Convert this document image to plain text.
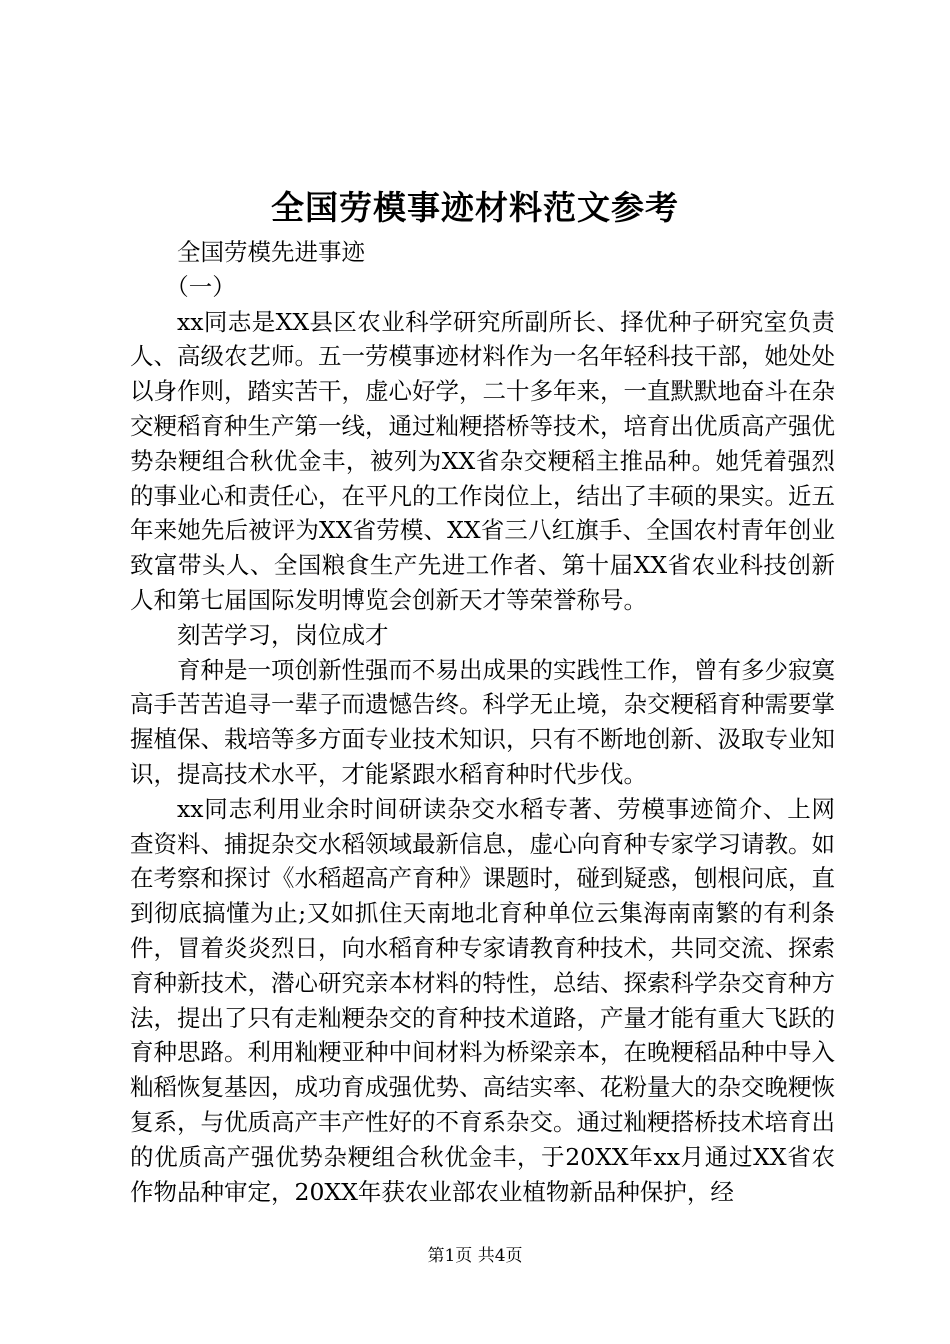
全国劳模事迹材料范文参考

全国劳模先进事迹

（一）

xx同志是XX县区农业科学研究所副所长、择优种子研究室负责人、高级农艺师。五一劳模事迹材料作为一名年轻科技干部，她处处以身作则，踏实苦干，虚心好学，二十多年来，一直默默地奋斗在杂交粳稻育种生产第一线，通过籼粳搭桥等技术，培育出优质高产强优势杂粳组合秋优金丰，被列为XX省杂交粳稻主推品种。她凭着强烈的事业心和责任心，在平凡的工作岗位上，结出了丰硕的果实。近五年来她先后被评为XX省劳模、XX省三八红旗手、全国农村青年创业致富带头人、全国粮食生产先进工作者、第十届XX省农业科技创新人和第七届国际发明博览会创新天才等荣誉称号。

刻苦学习，岗位成才

育种是一项创新性强而不易出成果的实践性工作，曾有多少寂寞高手苦苦追寻一辈子而遗憾告终。科学无止境，杂交粳稻育种需要掌握植保、栽培等多方面专业技术知识，只有不断地创新、汲取专业知识，提高技术水平，才能紧跟水稻育种时代步伐。

xx同志利用业余时间研读杂交水稻专著、劳模事迹简介、上网查资料、捕捉杂交水稻领域最新信息，虚心向育种专家学习请教。如在考察和探讨《水稻超高产育种》课题时，碰到疑惑，刨根问底，直到彻底搞懂为止;又如抓住天南地北育种单位云集海南南繁的有利条件，冒着炎炎烈日，向水稻育种专家请教育种技术，共同交流、探索育种新技术，潜心研究亲本材料的特性，总结、探索科学杂交育种方法，提出了只有走籼粳杂交的育种技术道路，产量才能有重大飞跃的育种思路。利用籼粳亚种中间材料为桥梁亲本，在晚粳稻品种中导入籼稻恢复基因，成功育成强优势、高结实率、花粉量大的杂交晚粳恢复系，与优质高产丰产性好的不育系杂交。通过籼粳搭桥技术培育出的优质高产强优势杂粳组合秋优金丰，于20XX年xx月通过XX省农作物品种审定，20XX年获农业部农业植物新品种保护，经

第1页 共4页
